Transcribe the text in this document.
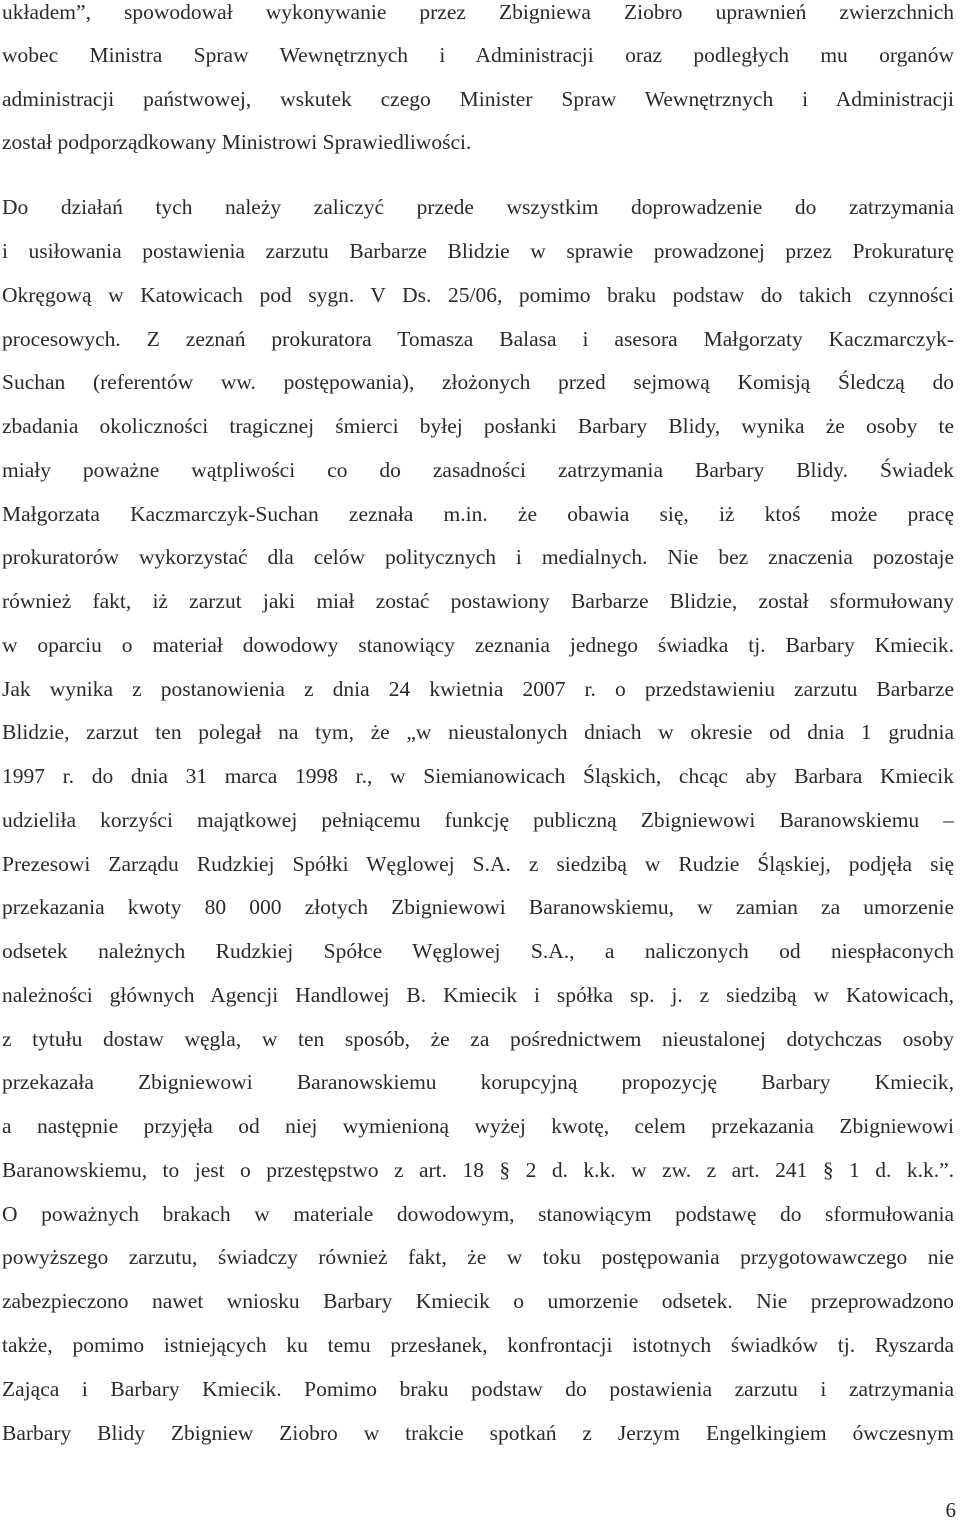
układem”, spowodował wykonywanie przez Zbigniewa Ziobro uprawnień zwierzchnich
wobec Ministra Spraw Wewnętrznych i Administracji oraz podległych mu organów
administracji państwowej, wskutek czego Minister Spraw Wewnętrznych i Administracji
został podporządkowany Ministrowi Sprawiedliwości.
Do działań tych należy zaliczyć przede wszystkim doprowadzenie do zatrzymania
i usiłowania postawienia zarzutu Barbarze Blidzie w sprawie prowadzonej przez Prokuraturę
Okręgową w Katowicach pod sygn. V Ds. 25/06, pomimo braku podstaw do takich czynności
procesowych. Z zeznań prokuratora Tomasza Balasa i asesora Małgorzaty Kaczmarczyk-
Suchan (referentów ww. postępowania), złożonych przed sejmową Komisją Śledczą do
zbadania okoliczności tragicznej śmierci byłej posłanki Barbary Blidy, wynika że osoby te
miały poważne wątpliwości co do zasadności zatrzymania Barbary Blidy. Świadek
Małgorzata Kaczmarczyk-Suchan zeznała m.in. że obawia się, iż ktoś może pracę
prokuratorów wykorzystać dla celów politycznych i medialnych. Nie bez znaczenia pozostaje
również fakt, iż zarzut jaki miał zostać postawiony Barbarze Blidzie, został sformułowany
w oparciu o materiał dowodowy stanowiący zeznania jednego świadka tj. Barbary Kmiecik.
Jak wynika z postanowienia z dnia 24 kwietnia 2007 r. o przedstawieniu zarzutu Barbarze
Blidzie, zarzut ten polegał na tym, że „w nieustalonych dniach w okresie od dnia 1 grudnia
1997 r. do dnia 31 marca 1998 r., w Siemianowicach Śląskich, chcąc aby Barbara Kmiecik
udzieliła korzyści majątkowej pełniącemu funkcję publiczną Zbigniewowi Baranowskiemu –
Prezesowi Zarządu Rudzkiej Spółki Węglowej S.A. z siedzibą w Rudzie Śląskiej, podjęła się
przekazania kwoty 80 000 złotych Zbigniewowi Baranowskiemu, w zamian za umorzenie
odsetek należnych Rudzkiej Spółce Węglowej S.A., a naliczonych od niespłaconych
należności głównych Agencji Handlowej B. Kmiecik i spółka sp. j. z siedzibą w Katowicach,
z tytułu dostaw węgla, w ten sposób, że za pośrednictwem nieustalonej dotychczas osoby
przekazała Zbigniewowi Baranowskiemu korupcyjną propozycję Barbary Kmiecik,
a następnie przyjęła od niej wymienioną wyżej kwotę, celem przekazania Zbigniewowi
Baranowskiemu, to jest o przestępstwo z art. 18 § 2 d. k.k. w zw. z art. 241 § 1 d. k.k.”.
O poważnych brakach w materiale dowodowym, stanowiącym podstawę do sformułowania
powyższego zarzutu, świadczy również fakt, że w toku postępowania przygotowawczego nie
zabezpieczono nawet wniosku Barbary Kmiecik o umorzenie odsetek. Nie przeprowadzono
także, pomimo istniejących ku temu przesłanek, konfrontacji istotnych świadków tj. Ryszarda
Zająca i Barbary Kmiecik. Pomimo braku podstaw do postawienia zarzutu i zatrzymania
Barbary Blidy Zbigniew Ziobro w trakcie spotkań z Jerzym Engelkingiem ówczesnym
6
